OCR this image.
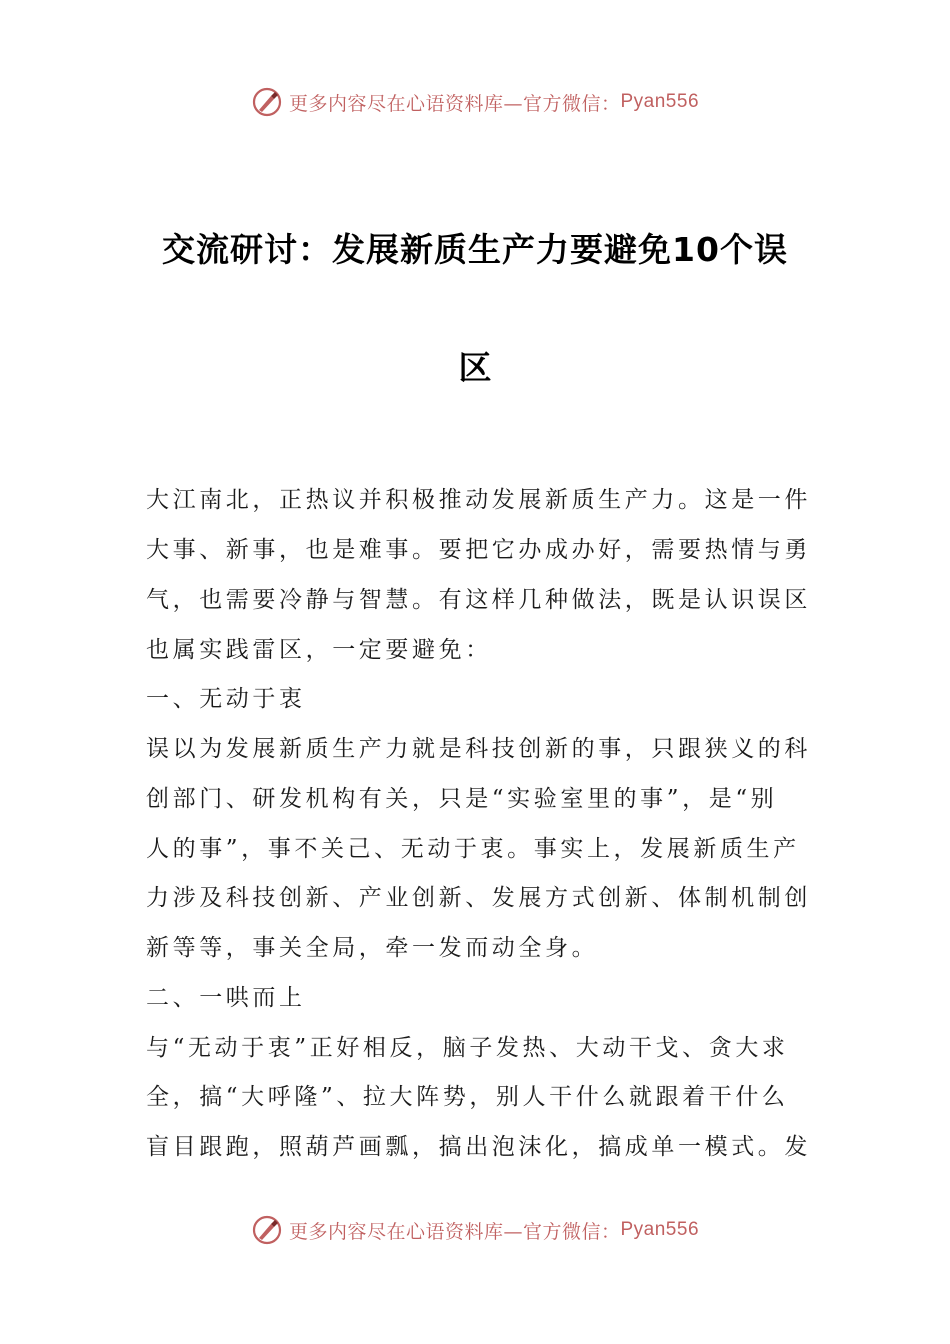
更多内容尽在心语资料库 —官方微信： Pyan556
交流研讨：发展新质生产力要避免10个误
区
大江南北，正热议并积极推动发展新质生产力。这是一件
大事、新事，也是难事。要把它办成办好，需要热情与勇
气，也需要冷静与智慧。有这样几种做法，既是认识误区
也属实践雷区，一定要避免：
一、无动于衷
误以为发展新质生产力就是科技创新的事，只跟狭义的科
创部门、研发机构有关，只是“实验室里的事”，是“别
人的事”，事不关己、无动于衷。事实上，发展新质生产
力涉及科技创新、产业创新、发展方式创新、体制机制创
新等等，事关全局，牵一发而动全身。
二、一哄而上
与“无动于衷”正好相反，脑子发热、大动干戈、贪大求
全，搞“大呼隆”、拉大阵势，别人干什么就跟着干什么
盲目跟跑，照葫芦画瓢，搞出泡沫化，搞成单一模式。发
更多内容尽在心语资料库 —官方微信： Pyan556
